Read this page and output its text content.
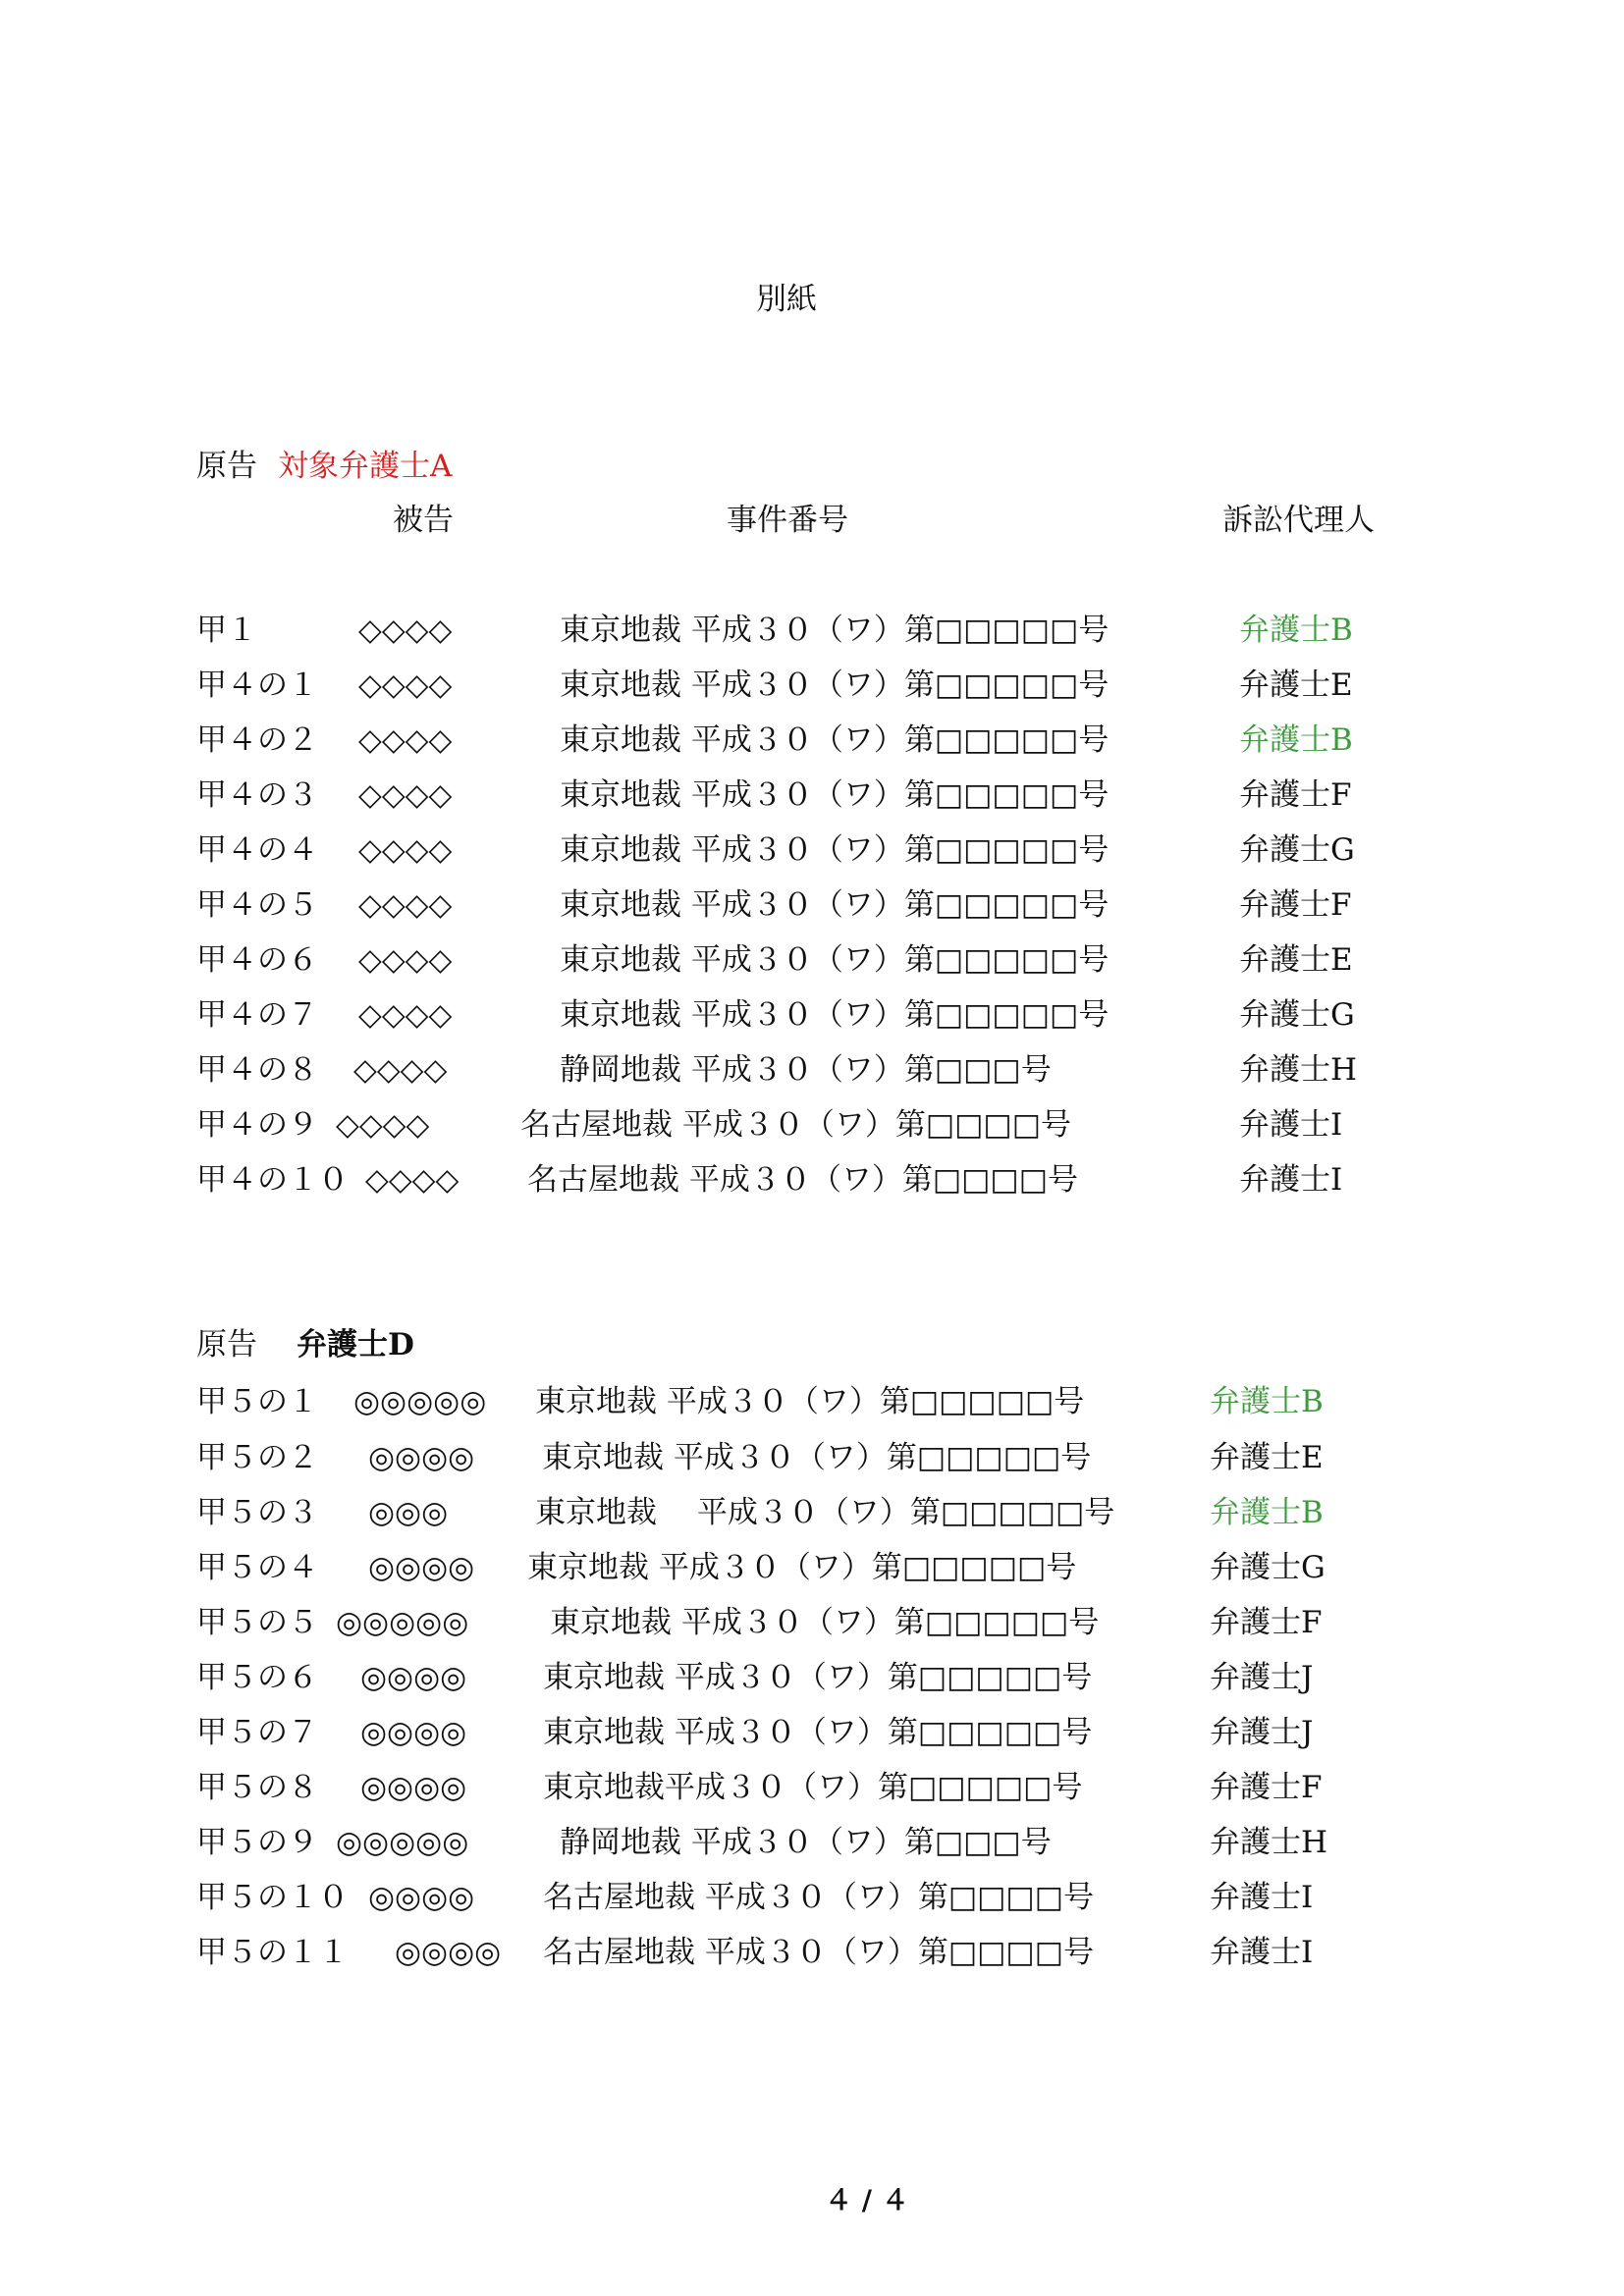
別紙
原告 対象弁護士A
被告	事件番号	訴訟代理人
甲１	◇◇◇◇	東京地裁 平成３０（ワ）第□□□□□号	弁護士B
甲４の１ ◇◇◇◇	東京地裁 平成３０（ワ）第□□□□□号	弁護士E
甲４の２ ◇◇◇◇	東京地裁 平成３０（ワ）第□□□□□号	弁護士B
甲４の３ ◇◇◇◇	東京地裁 平成３０（ワ）第□□□□□号	弁護士F
甲４の４ ◇◇◇◇	東京地裁 平成３０（ワ）第□□□□□号	弁護士G
甲４の５ ◇◇◇◇	東京地裁 平成３０（ワ）第□□□□□号	弁護士F
甲４の６ ◇◇◇◇	東京地裁 平成３０（ワ）第□□□□□号	弁護士E
甲４の７ ◇◇◇◇	東京地裁 平成３０（ワ）第□□□□□号	弁護士G
甲４の８ ◇◇◇◇	静岡地裁 平成３０（ワ）第□□□号	弁護士H
甲４の９ ◇◇◇◇	名古屋地裁 平成３０（ワ）第□□□□号	弁護士I
甲４の１０ ◇◇◇◇ 名古屋地裁 平成３０（ワ）第□□□□号	弁護士I
原告 弁護士D
甲５の１ ◎◎◎◎◎ 東京地裁 平成３０（ワ）第□□□□□号	弁護士B
甲５の２ ◎◎◎◎ 東京地裁 平成３０（ワ）第□□□□□号	弁護士E
甲５の３ ◎◎◎	東京地裁　 平成３０（ワ）第□□□□□号	弁護士B
甲５の４ ◎◎◎◎ 東京地裁 平成３０（ワ）第□□□□□号	弁護士G
甲５の５ ◎◎◎◎◎	東京地裁 平成３０（ワ）第□□□□□号	弁護士F
甲５の６ ◎◎◎◎	東京地裁 平成３０（ワ）第□□□□□号	弁護士J
甲５の７ ◎◎◎◎	東京地裁 平成３０（ワ）第□□□□□号	弁護士J
甲５の８ ◎◎◎◎	東京地裁平成３０（ワ）第□□□□□号	弁護士F
甲５の９ ◎◎◎◎◎	静岡地裁 平成３０（ワ）第□□□号	弁護士H
甲５の１０ ◎◎◎◎ 名古屋地裁 平成３０（ワ）第□□□□号	弁護士I
甲５の１１ ◎◎◎◎ 名古屋地裁 平成３０（ワ）第□□□□号	弁護士I
４ / ４
